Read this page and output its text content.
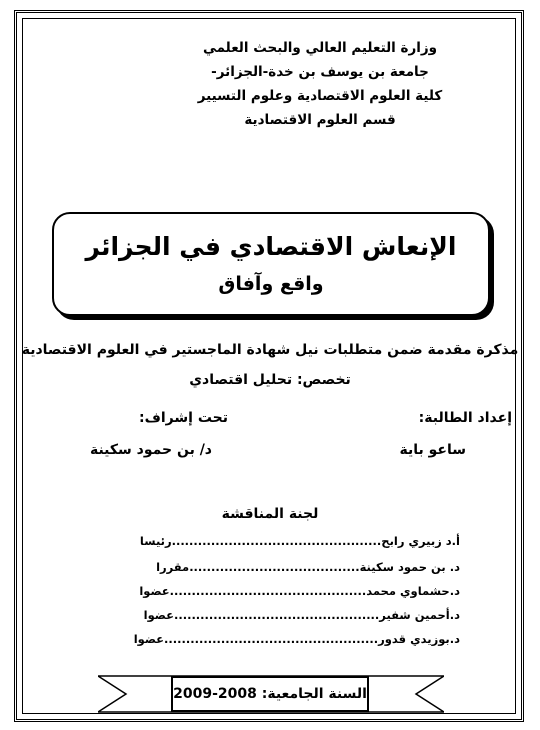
وزارة التعليم العالي والبحث العلمي
جامعة بن يوسف بن خدة-الجزائر-
كلية العلوم الاقتصادية وعلوم التسيير
قسم العلوم الاقتصادية
الإنعاش الاقتصادي في الجزائر
واقع وآفاق
مذكرة مقدمة ضمن متطلبات نيل شهادة الماجستير في العلوم الاقتصادية
تخصص: تحليل اقتصادي
إعداد الطالبة:
تحت إشراف:
ساعو باية
د/ بن حمود سكينة
لجنة المناقشة
أ.د زبيري رابح................................................رئيسا
د. بن حمود سكينة.......................................مقررا
د.حشماوي محمد.............................................عضوا
د.أحمين شفير...............................................عضوا
د.بوزيدي قدور.................................................عضوا
السنة الجامعية: 2008-2009
